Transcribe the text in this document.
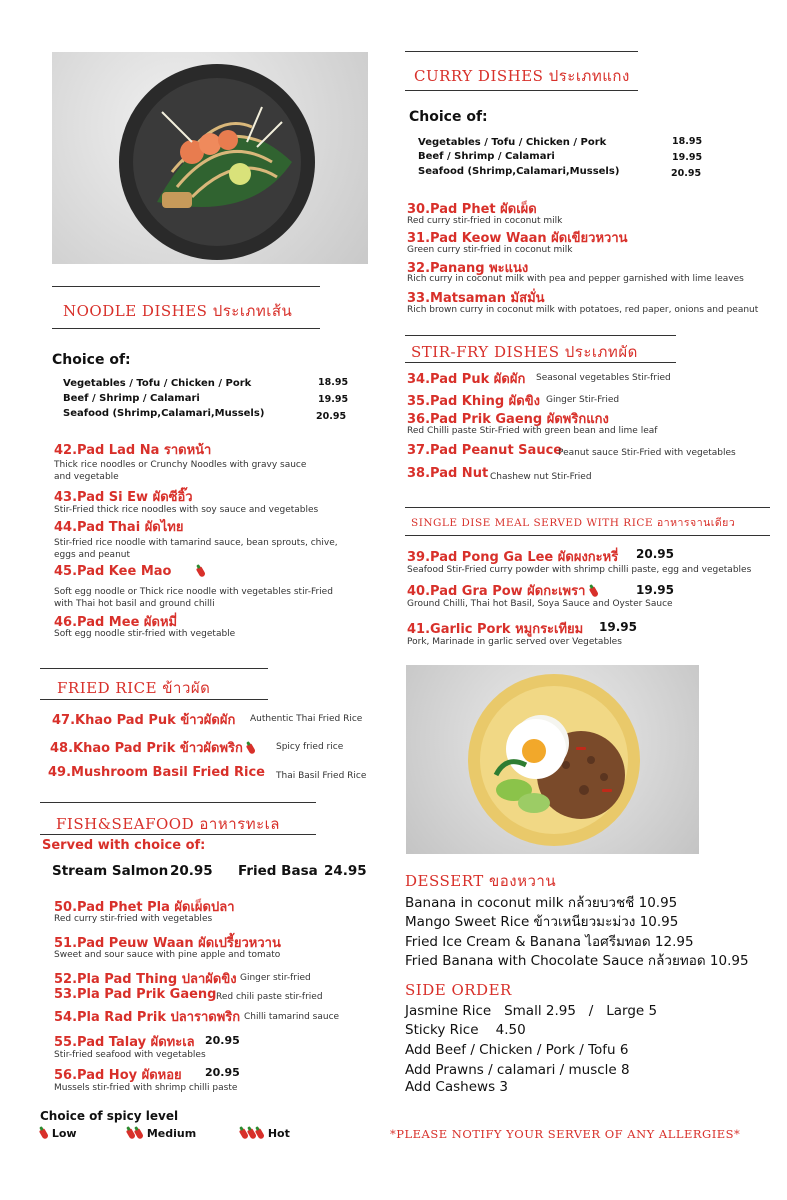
NOODLE DISHES ประเภทเส้น
Choice of:
Vegetables / Tofu / Chicken / Pork	18.95
Beef / Shrimp / Calamari	19.95
Seafood (Shrimp,Calamari,Mussels)	20.95
42.Pad Lad Na ราดหน้า
Thick rice noodles or Crunchy Noodles with gravy sauce and vegetable
43.Pad Si Ew ผัดซีอิ๊ว
Stir-Fried thick rice noodles with soy sauce and vegetables
44.Pad Thai ผัดไทย
Stir-fried rice noodle with tamarind sauce, bean sprouts, chive, eggs and peanut
45.Pad Kee Mao
Soft egg noodle or Thick rice noodle with vegetables stir-Fried with Thai hot basil and ground chilli
46.Pad Mee ผัดหมี่
Soft egg noodle stir-fried with vegetable
FRIED RICE ข้าวผัด
47.Khao Pad Puk ข้าวผัดผัก Authentic Thai Fried Rice
48.Khao Pad Prik ข้าวผัดพริก	Spicy fried rice
49.Mushroom Basil Fried Rice Thai Basil Fried Rice
FISH&SEAFOOD อาหารทะเล
Served with choice of:
Stream Salmon 20.95 Fried Basa 24.95
50.Pad Phet Pla ผัดเผ็ดปลา
Red curry stir-fried with vegetables
51.Pad Peuw Waan ผัดเปรี้ยวหวาน
Sweet and sour sauce with pine apple and tomato
52.Pla Pad Thing ปลาผัดขิง Ginger stir-fried
53.Pla Pad Prik Gaeng Red chili paste stir-fried
54.Pla Rad Prik ปลาราดพริก Chilli tamarind sauce
55.Pad Talay ผัดทะเล 20.95
Stir-fried seafood with vegetables
56.Pad Hoy ผัดหอย 20.95
Mussels stir-fried with shrimp chilli paste
Choice of spicy level
Low	Medium	Hot
CURRY DISHES ประเภทแกง
Choice of:
Vegetables / Tofu / Chicken / Pork	18.95
Beef / Shrimp / Calamari	19.95
Seafood (Shrimp,Calamari,Mussels)	20.95
30.Pad Phet ผัดเผ็ด
Red curry stir-fried in coconut milk
31.Pad Keow Waan ผัดเขียวหวาน
Green curry stir-fried in coconut milk
32.Panang พะแนง
Rich curry in coconut milk with pea and pepper garnished with lime leaves
33.Matsaman มัสมั่น
Rich brown curry in coconut milk with potatoes, red paper, onions and peanut
STIR-FRY DISHES ประเภทผัด
34.Pad Puk ผัดผัก Seasonal vegetables Stir-fried
35.Pad Khing ผัดขิง Ginger Stir-Fried
36.Pad Prik Gaeng ผัดพริกแกง
Red Chilli paste Stir-Fried with green bean and lime leaf
37.Pad Peanut Sauce
Peanut sauce Stir-Fried with vegetables
38.Pad Nut Chashew nut Stir-Fried
SINGLE DISE MEAL SERVED WITH RICE อาหารจานเดียว
39.Pad Pong Ga Lee ผัดผงกะหรี่ 20.95
Seafood Stir-Fried curry powder with shrimp chilli paste, egg and vegetables
40.Pad Gra Pow ผัดกะเพรา	19.95
Ground Chilli, Thai hot Basil, Soya Sauce and Oyster Sauce
41.Garlic Pork หมูกระเทียม 19.95
Pork, Marinade in garlic served over Vegetables
DESSERT ของหวาน
Banana in coconut milk กล้วยบวชชี 10.95
Mango Sweet Rice ข้าวเหนียวมะม่วง 10.95
Fried Ice Cream & Banana ไอศรีมทอด 12.95
Fried Banana with Chocolate Sauce กล้วยทอด 10.95
SIDE ORDER
Jasmine Rice   Small 2.95   /   Large 5
Sticky Rice    4.50
Add Beef / Chicken / Pork / Tofu 6
Add Prawns / calamari / muscle 8
Add Cashews 3
*PLEASE NOTIFY YOUR SERVER OF ANY ALLERGIES*
